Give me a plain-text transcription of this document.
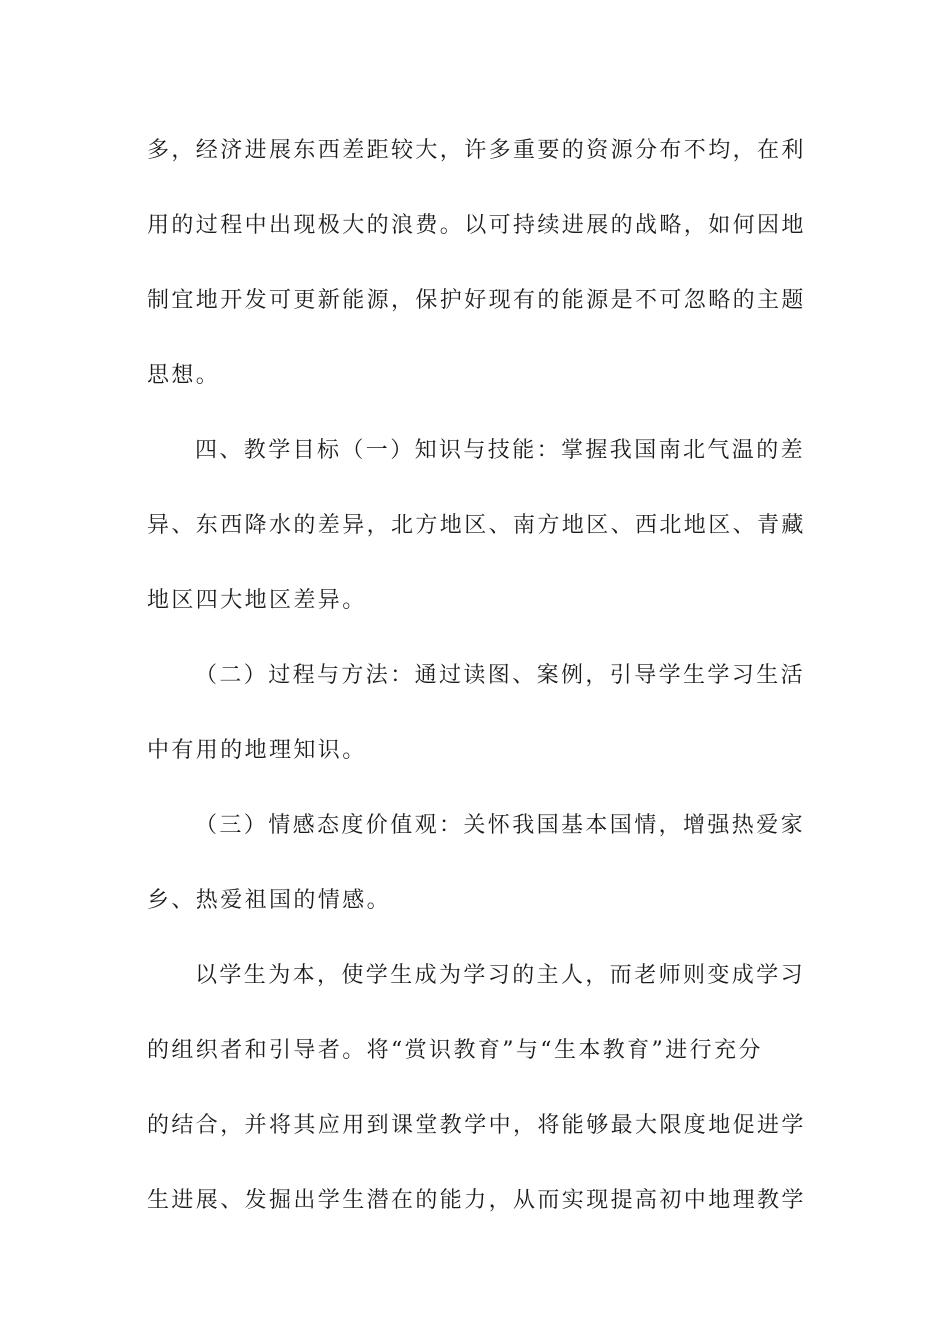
多，经济进展东西差距较大，许多重要的资源分布不均，在利
用的过程中出现极大的浪费。以可持续进展的战略，如何因地
制宜地开发可更新能源，保护好现有的能源是不可忽略的主题
思想。
四、教学目标（一）知识与技能：掌握我国南北气温的差
异、东西降水的差异，北方地区、南方地区、西北地区、青藏
地区四大地区差异。
（二）过程与方法：通过读图、案例，引导学生学习生活
中有用的地理知识。
（三）情感态度价值观：关怀我国基本国情，增强热爱家
乡、热爱祖国的情感。
以学生为本，使学生成为学习的主人，而老师则变成学习
的组织者和引导者。将“赏识教育”与“生本教育”进行充分
的结合，并将其应用到课堂教学中，将能够最大限度地促进学
生进展、发掘出学生潜在的能力，从而实现提高初中地理教学
